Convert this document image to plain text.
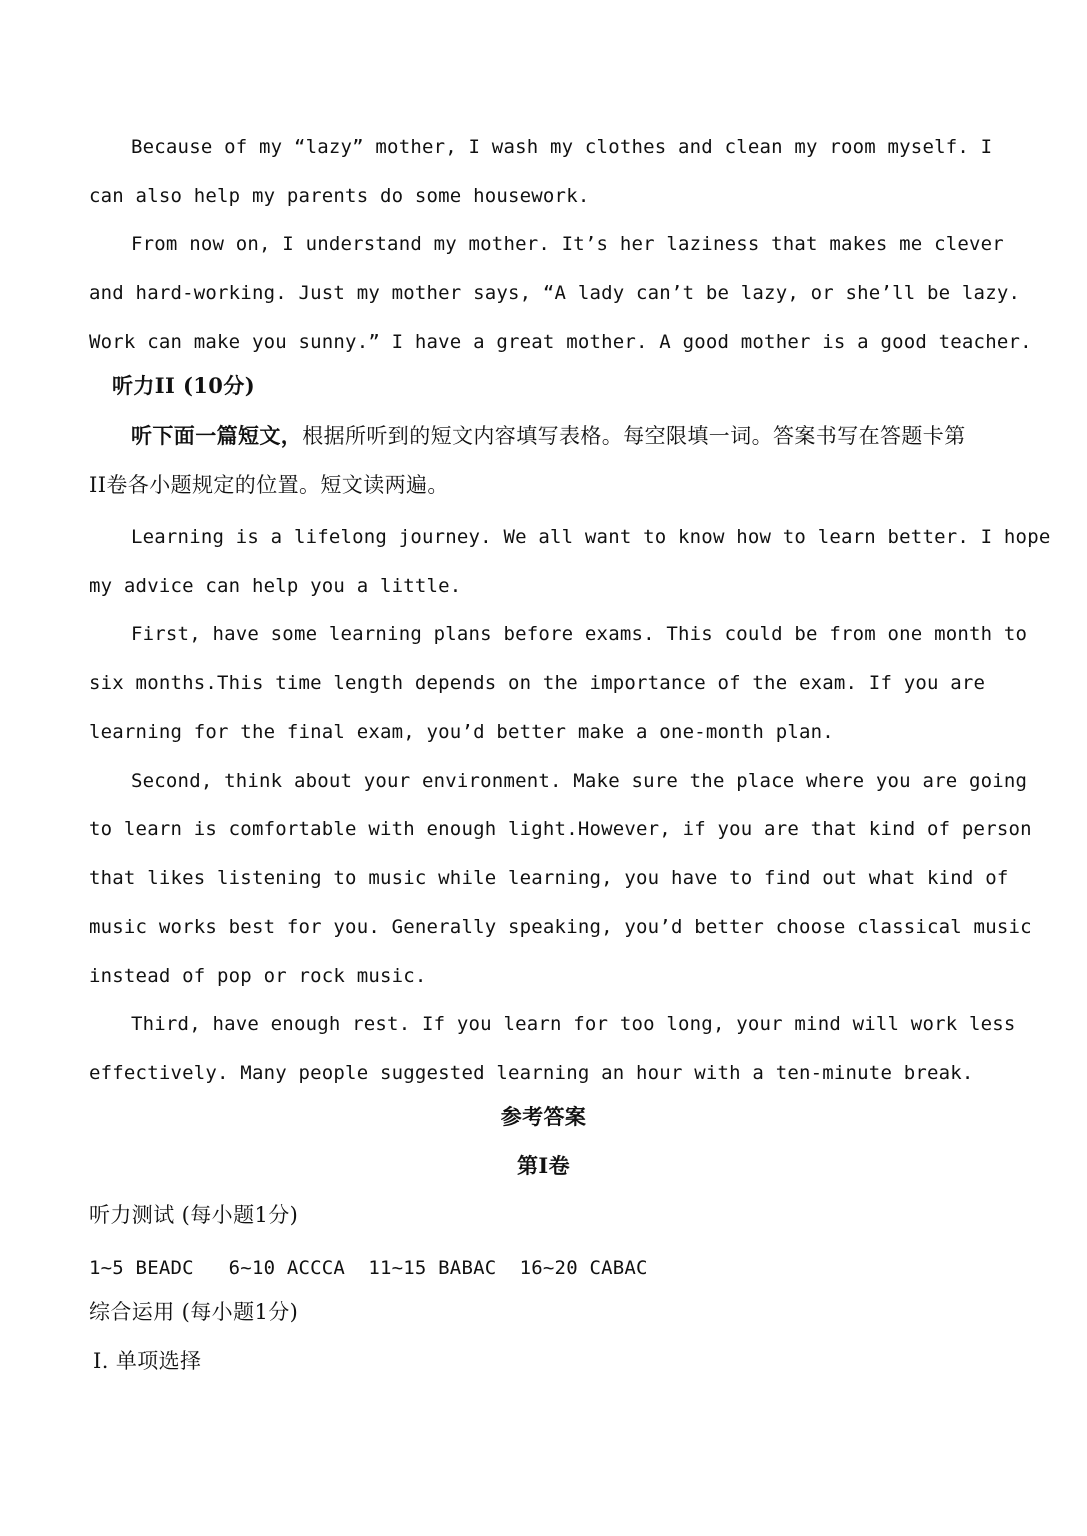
Because of my “lazy” mother, I wash my clothes and clean my room myself. I
can also help my parents do some housework.
From now on, I understand my mother. It’s her laziness that makes me clever
and hard-working. Just my mother says, “A lady can’t be lazy, or she’ll be lazy.
Work can make you sunny.” I have a great mother. A good mother is a good teacher.
听力II (10分)
听下面一篇短文，根据所听到的短文内容填写表格。每空限填一词。答案书写在答题卡第
II卷各小题规定的位置。短文读两遍。
Learning is a lifelong journey. We all want to know how to learn better. I hope
my advice can help you a little.
First, have some learning plans before exams. This could be from one month to
six months.This time length depends on the importance of the exam. If you are
learning for the final exam, you’d better make a one-month plan.
Second, think about your environment. Make sure the place where you are going
to learn is comfortable with enough light.However, if you are that kind of person
that likes listening to music while learning, you have to find out what kind of
music works best for you. Generally speaking, you’d better choose classical music
instead of pop or rock music.
Third, have enough rest. If you learn for too long, your mind will work less
effectively. Many people suggested learning an hour with a ten-minute break.
参考答案
第I卷
听力测试 (每小题1分)
1~5 BEADC   6~10 ACCCA  11~15 BABAC  16~20 CABAC
综合运用 (每小题1分)
I. 单项选择
